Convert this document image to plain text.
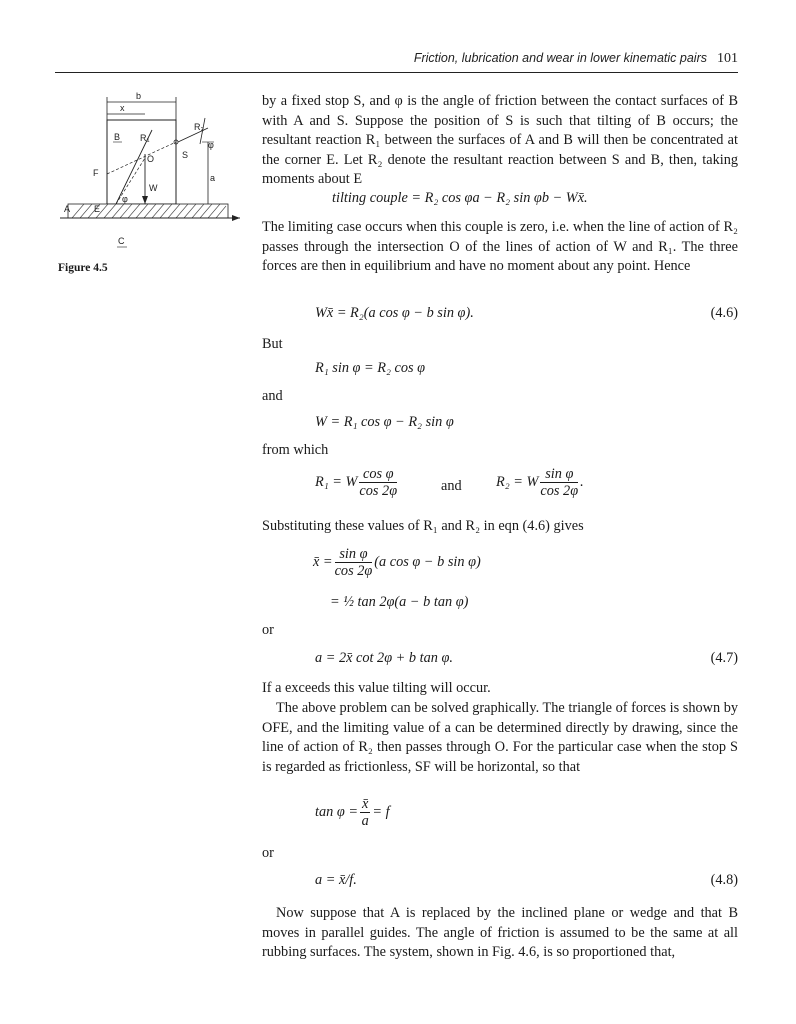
Friction, lubrication and wear in lower kinematic pairs 101
b
x
B R₁
R₂
φ
S
F
O
W
a
φ
A	E
C
Figure 4.5
by a fixed stop S, and φ is the angle of friction between the contact surfaces of B with A and S. Suppose the position of S is such that tilting of B occurs; the resultant reaction R₁ between the surfaces of A and B will then be concentrated at the corner E. Let R₂ denote the resultant reaction between S and B, then, taking moments about E
tilting couple = R₂ cos φa − R₂ sin φb − Wx̄.
The limiting case occurs when this couple is zero, i.e. when the line of action of R₂ passes through the intersection O of the lines of action of W and R₁. The three forces are then in equilibrium and have no moment about any point. Hence
Wx̄ = R₂(a cos φ − b sin φ).	(4.6)
But
R₁ sin φ = R₂ cos φ
and
W = R₁ cos φ − R₂ sin φ
from which
R₁ = W $\frac{\text{cos φ}}{\cos 2\varphi}$	and R₂ = W $\frac{\text{sin φ}}{\cos 2\varphi}$ .
Substituting these values of R₁ and R₂ in eqn (4.6) gives
x̄ = $\frac{\text{sin φ}}{\cos 2\varphi} (a$ cos φ − b sin φ)
= ½ tan 2φ(a − b tan φ)
or
a = 2x̄ cot 2φ + b tan φ.	(4.7)
If a exceeds this value tilting will occur.
The above problem can be solved graphically. The triangle of forces is shown by OFE, and the limiting value of a can be determined directly by drawing, since the line of action of R₂ then passes through O. For the particular case when the stop S is regarded as frictionless, SF will be horizontal, so that
$\tan \varphi = \frac{x̄}{a} = f$
or
a = x̄/f.	(4.8)
Now suppose that A is replaced by the inclined plane or wedge and that B moves in parallel guides. The angle of friction is assumed to be the same at all rubbing surfaces. The system, shown in Fig. 4.6, is so proportioned that,
